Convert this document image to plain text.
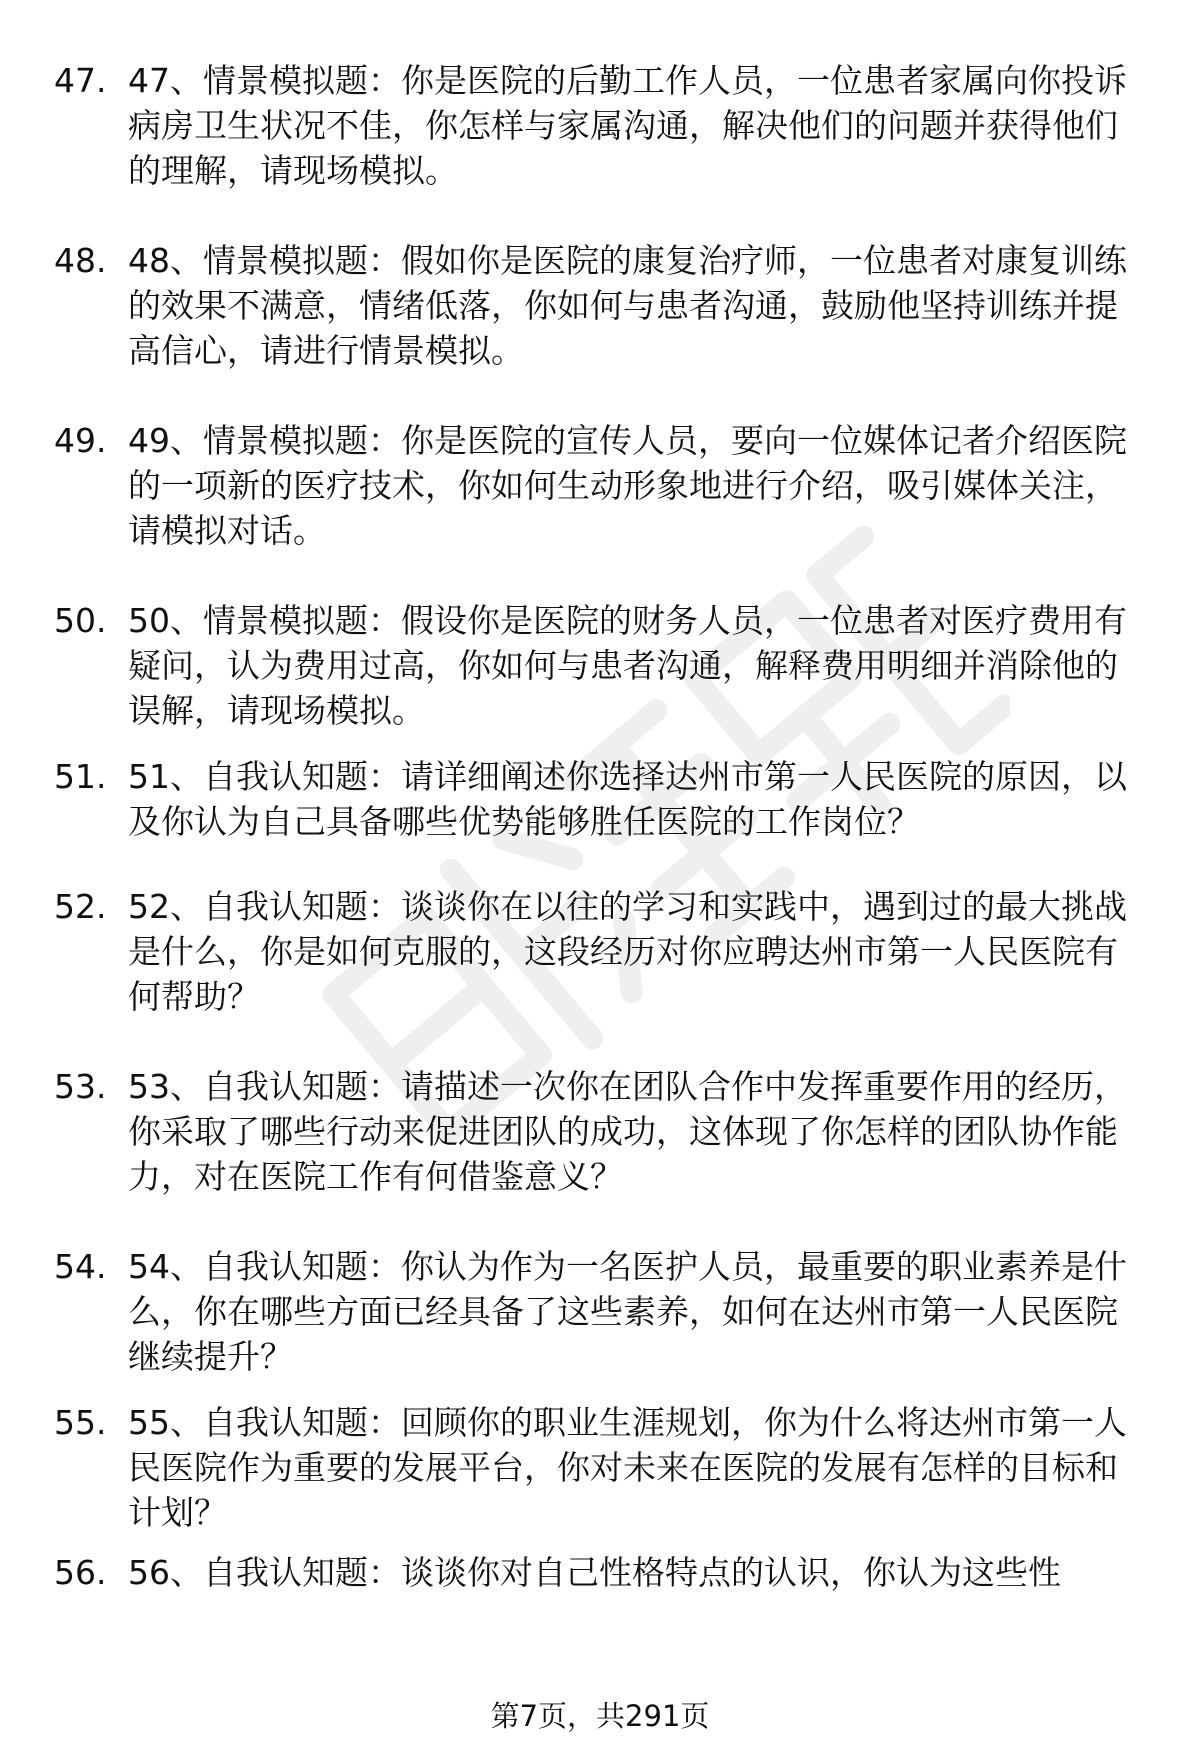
47. 47、情景模拟题：你是医院的后勤工作人员，一位患者家属向你投诉病房卫生状况不佳，你怎样与家属沟通，解决他们的问题并获得他们的理解，请现场模拟。
48. 48、情景模拟题：假如你是医院的康复治疗师，一位患者对康复训练的效果不满意，情绪低落，你如何与患者沟通，鼓励他坚持训练并提高信心，请进行情景模拟。
49. 49、情景模拟题：你是医院的宣传人员，要向一位媒体记者介绍医院的一项新的医疗技术，你如何生动形象地进行介绍，吸引媒体关注，请模拟对话。
50. 50、情景模拟题：假设你是医院的财务人员，一位患者对医疗费用有疑问，认为费用过高，你如何与患者沟通，解释费用明细并消除他的误解，请现场模拟。
51. 51、自我认知题：请详细阐述你选择达州市第一人民医院的原因，以及你认为自己具备哪些优势能够胜任医院的工作岗位？
52. 52、自我认知题：谈谈你在以往的学习和实践中，遇到过的最大挑战是什么，你是如何克服的，这段经历对你应聘达州市第一人民医院有何帮助？
53. 53、自我认知题：请描述一次你在团队合作中发挥重要作用的经历，你采取了哪些行动来促进团队的成功，这体现了你怎样的团队协作能力，对在医院工作有何借鉴意义？
54. 54、自我认知题：你认为作为一名医护人员，最重要的职业素养是什么，你在哪些方面已经具备了这些素养，如何在达州市第一人民医院继续提升？
55. 55、自我认知题：回顾你的职业生涯规划，你为什么将达州市第一人民医院作为重要的发展平台，你对未来在医院的发展有怎样的目标和计划？
56. 56、自我认知题：谈谈你对自己性格特点的认识，你认为这些性
第7页，共291页
